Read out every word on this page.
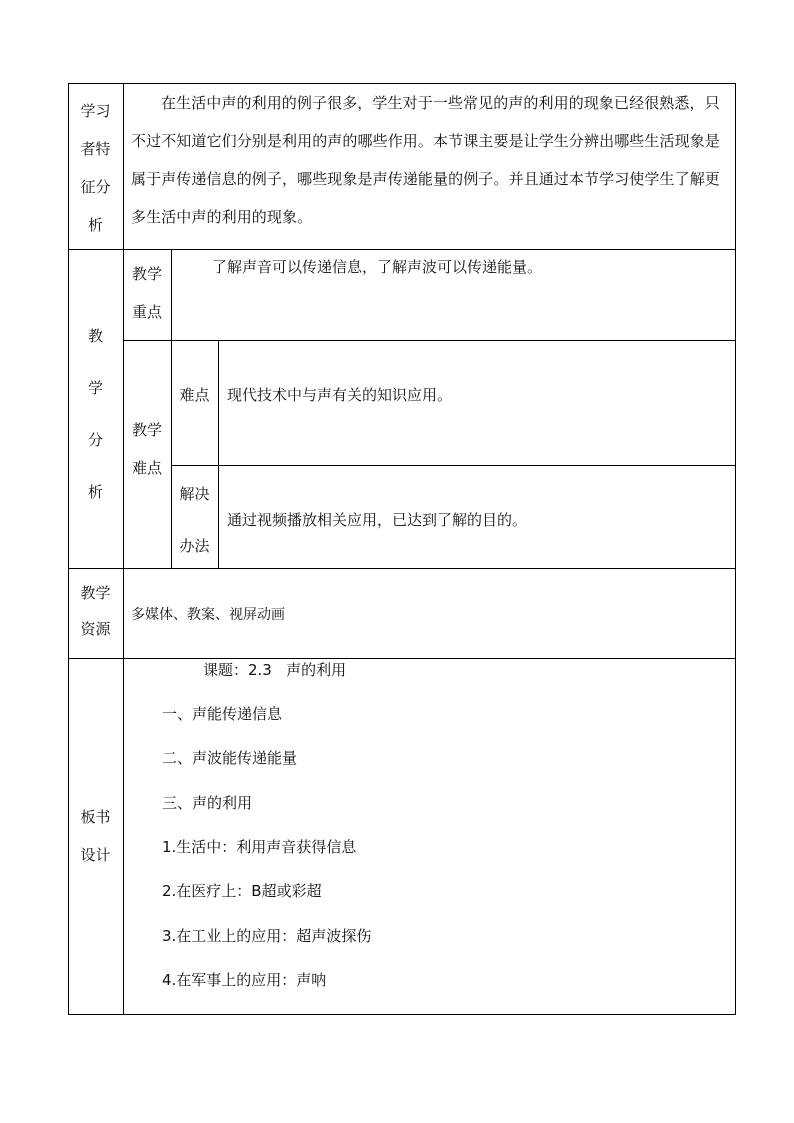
学习
者特
征分
析
在生活中声的利用的例子很多，学生对于一些常见的声的利用的现象已经很熟悉，只不过不知道它们分别是利用的声的哪些作用。本节课主要是让学生分辨出哪些生活现象是属于声传递信息的例子，哪些现象是声传递能量的例子。并且通过本节学习使学生了解更多生活中声的利用的现象。
教
学
分
析
教学
重点
了解声音可以传递信息，了解声波可以传递能量。
教学
难点
难点	现代技术中与声有关的知识应用。
解决
办法
通过视频播放相关应用，已达到了解的目的。
教学
资源
多媒体、教案、视屏动画
板书
设计
课题：2.3   声的利用
一、声能传递信息
二、声波能传递能量
三、声的利用
1.生活中：利用声音获得信息
2.在医疗上：B超或彩超
3.在工业上的应用：超声波探伤
4.在军事上的应用：声呐
